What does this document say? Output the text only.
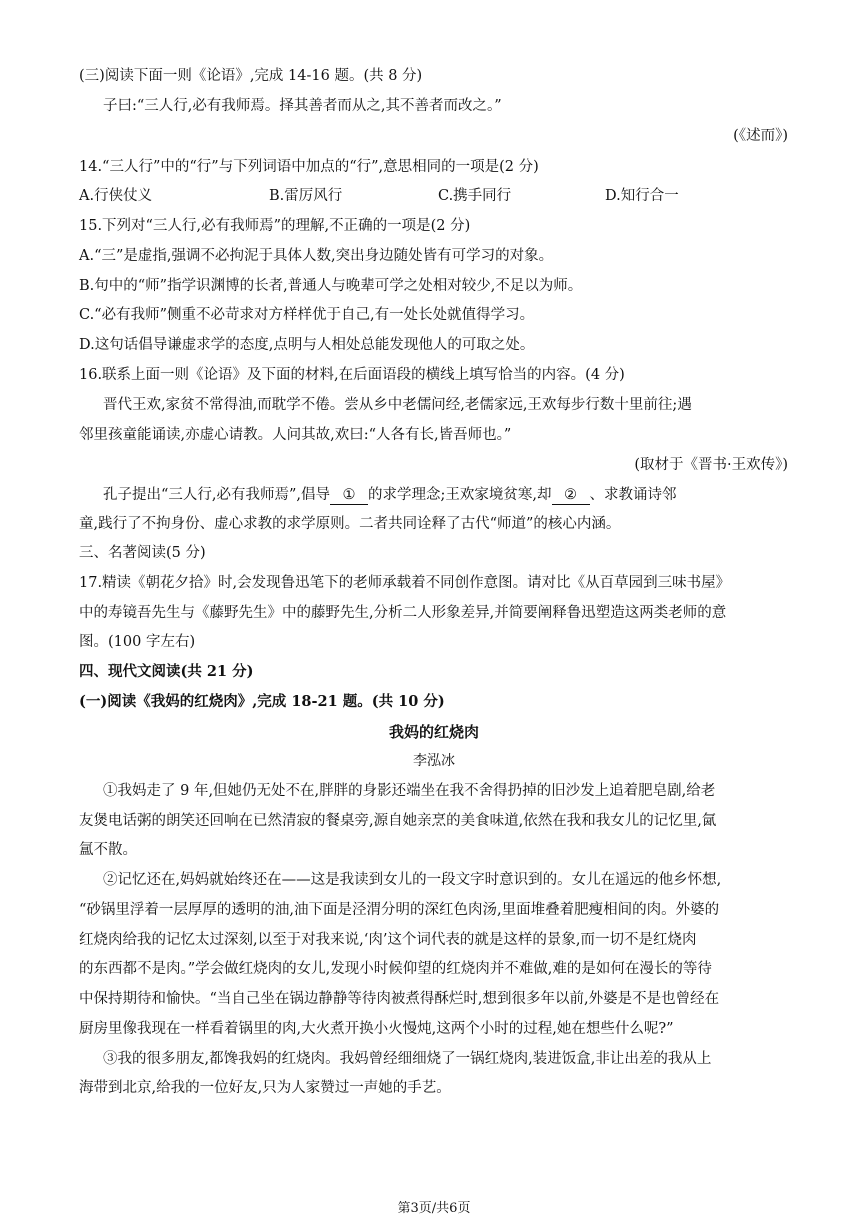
(三)阅读下面一则《论语》,完成 14-16 题。(共 8 分)
子曰:“三人行,必有我师焉。择其善者而从之,其不善者而改之。”
(《述而》)
14.“三人行”中的“行”与下列词语中加点的“行”,意思相同的一项是(2 分)
A.行侠仗义	B.雷厉风行	C.携手同行	D.知行合一
15.下列对“三人行,必有我师焉”的理解,不正确的一项是(2 分)
A.“三”是虚指,强调不必拘泥于具体人数,突出身边随处皆有可学习的对象。
B.句中的“师”指学识渊博的长者,普通人与晚辈可学之处相对较少,不足以为师。
C.“必有我师”侧重不必苛求对方样样优于自己,有一处长处就值得学习。
D.这句话倡导谦虚求学的态度,点明与人相处总能发现他人的可取之处。
16.联系上面一则《论语》及下面的材料,在后面语段的横线上填写恰当的内容。(4 分)
晋代王欢,家贫不常得油,而耽学不倦。尝从乡中老儒问经,老儒家远,王欢每步行数十里前往;遇
邻里孩童能诵读,亦虚心请教。人问其故,欢曰:“人各有长,皆吾师也。”
(取材于《晋书·王欢传》)
孔子提出“三人行,必有我师焉”,倡导 ① 的求学理念;王欢家境贫寒,却 ② 、求教诵诗邻
童,践行了不拘身份、虚心求教的求学原则。二者共同诠释了古代“师道”的核心内涵。
三、名著阅读(5 分)
17.精读《朝花夕拾》时,会发现鲁迅笔下的老师承载着不同创作意图。请对比《从百草园到三味书屋》
中的寿镜吾先生与《藤野先生》中的藤野先生,分析二人形象差异,并简要阐释鲁迅塑造这两类老师的意
图。(100 字左右)
四、现代文阅读(共 21 分)
(一)阅读《我妈的红烧肉》,完成 18-21 题。(共 10 分)
我妈的红烧肉
李泓冰
①我妈走了 9 年,但她仍无处不在,胖胖的身影还端坐在我不舍得扔掉的旧沙发上追着肥皂剧,给老
友煲电话粥的朗笑还回响在已然清寂的餐桌旁,源自她亲烹的美食味道,依然在我和我女儿的记忆里,氤
氲不散。
②记忆还在,妈妈就始终还在——这是我读到女儿的一段文字时意识到的。女儿在遥远的他乡怀想,
“砂锅里浮着一层厚厚的透明的油,油下面是泾渭分明的深红色肉汤,里面堆叠着肥瘦相间的肉。外婆的
红烧肉给我的记忆太过深刻,以至于对我来说,‘肉’这个词代表的就是这样的景象,而一切不是红烧肉
的东西都不是肉。”学会做红烧肉的女儿,发现小时候仰望的红烧肉并不难做,难的是如何在漫长的等待
中保持期待和愉快。“当自己坐在锅边静静等待肉被煮得酥烂时,想到很多年以前,外婆是不是也曾经在
厨房里像我现在一样看着锅里的肉,大火煮开换小火慢炖,这两个小时的过程,她在想些什么呢?”
③我的很多朋友,都馋我妈的红烧肉。我妈曾经细细烧了一锅红烧肉,装进饭盒,非让出差的我从上
海带到北京,给我的一位好友,只为人家赞过一声她的手艺。
第3页/共6页
